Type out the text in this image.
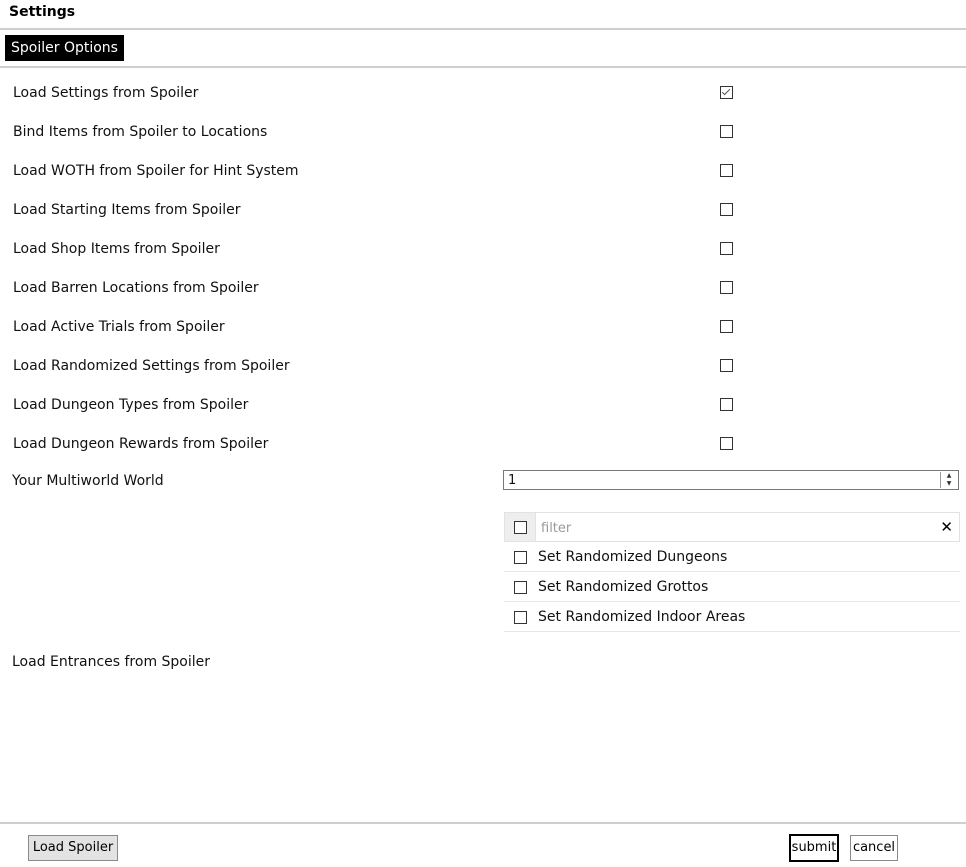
Settings
Spoiler Options
Load Settings from Spoiler
Bind Items from Spoiler to Locations
Load WOTH from Spoiler for Hint System
Load Starting Items from Spoiler
Load Shop Items from Spoiler
Load Barren Locations from Spoiler
Load Active Trials from Spoiler
Load Randomized Settings from Spoiler
Load Dungeon Types from Spoiler
Load Dungeon Rewards from Spoiler
Your Multiworld World	1	▲
▼
filter
✕
Set Randomized Dungeons
Set Randomized Grottos
Set Randomized Indoor Areas
Load Entrances from Spoiler
Load Spoiler	submit cancel
